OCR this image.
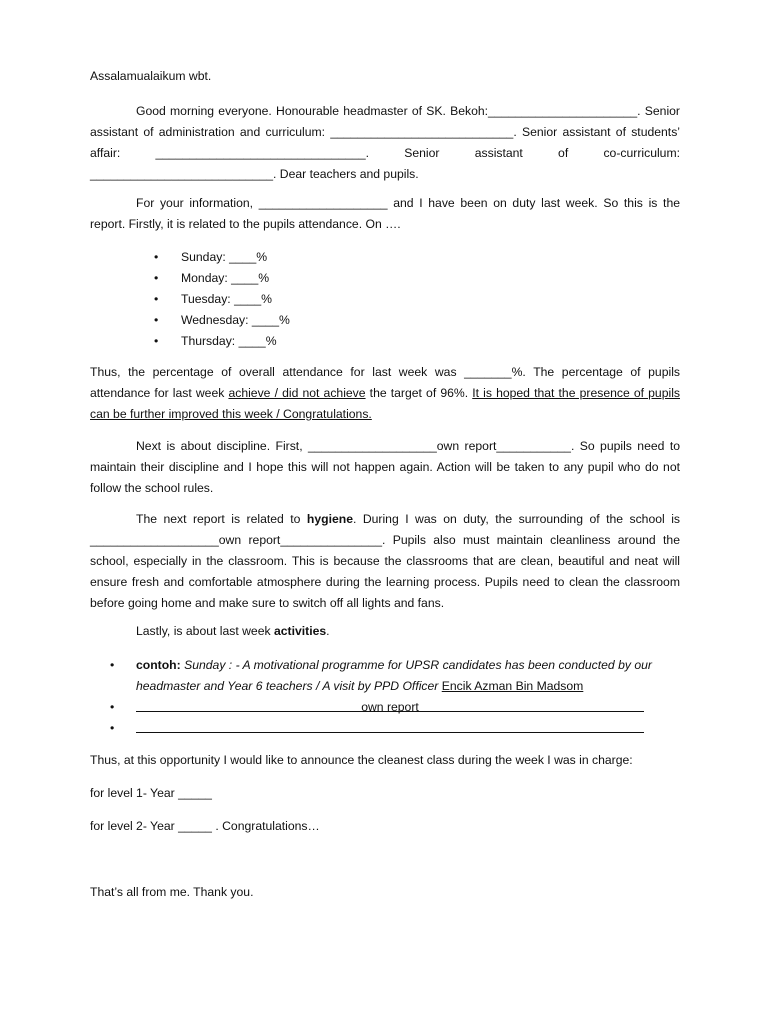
Assalamualaikum wbt.

Good morning everyone. Honourable headmaster of SK. Bekoh:______________________. Senior assistant of administration and curriculum: ___________________________. Senior assistant of students’ affair: _______________________________. Senior assistant of co-curriculum: ___________________________. Dear teachers and pupils.

For your information, ___________________ and I have been on duty last week. So this is the report. Firstly, it is related to the pupils attendance. On ….

• Sunday: ____%
• Monday: ____%
• Tuesday: ____%
• Wednesday: ____%
• Thursday: ____%

Thus, the percentage of overall attendance for last week was _______%. The percentage of pupils attendance for last week achieve / did not achieve the target of 96%. It is hoped that the presence of pupils can be further improved this week / Congratulations.

Next is about discipline. First, ___________________own report___________. So pupils need to maintain their discipline and I hope this will not happen again. Action will be taken to any pupil who do not follow the school rules.

The next report is related to hygiene. During I was on duty, the surrounding of the school is ___________________own report_______________. Pupils also must maintain cleanliness around the school, especially in the classroom. This is because the classrooms that are clean, beautiful and neat will ensure fresh and comfortable atmosphere during the learning process. Pupils need to clean the classroom before going home and make sure to switch off all lights and fans.

Lastly, is about last week activities.

• contoh: Sunday : - A motivational programme for UPSR candidates has been conducted by our headmaster and Year 6 teachers / A visit by PPD Officer Encik Azman Bin Madsom
• own report
•

Thus, at this opportunity I would like to announce the cleanest class during the week I was in charge:

for level 1- Year _____

for level 2- Year _____ . Congratulations…

That’s all from me. Thank you.
